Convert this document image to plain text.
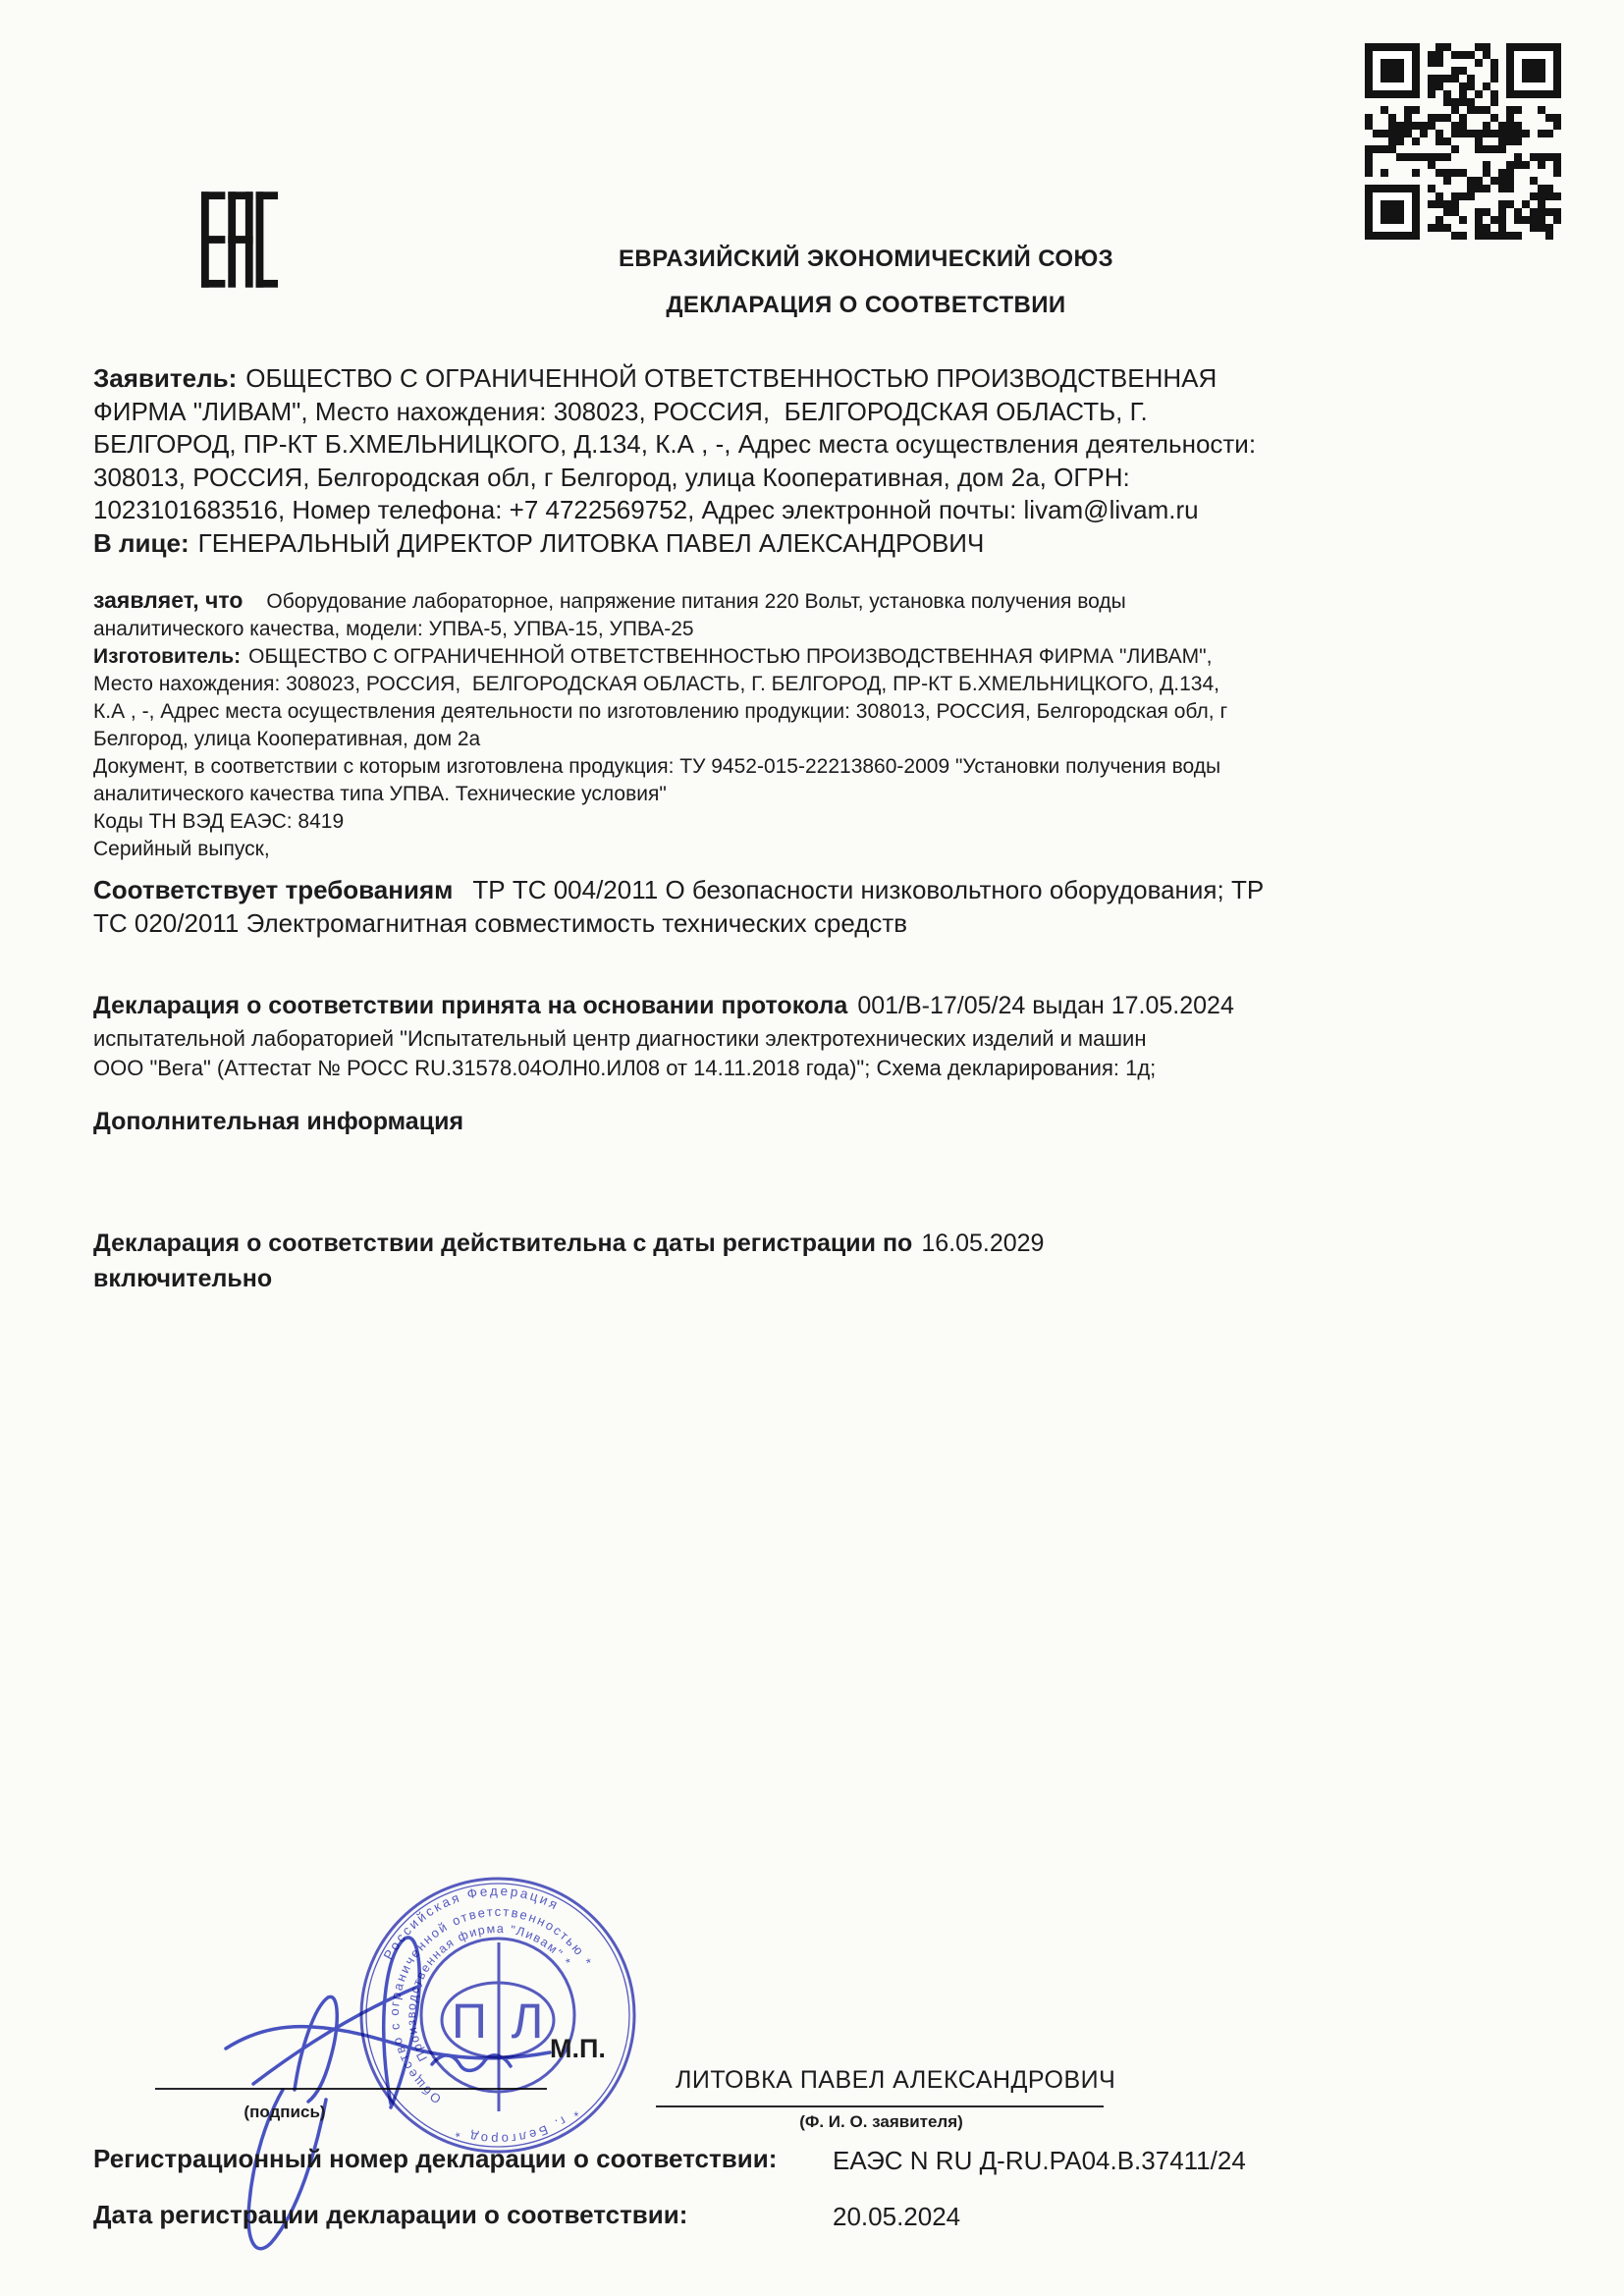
ЕВРАЗИЙСКИЙ ЭКОНОМИЧЕСКИЙ СОЮЗ
ДЕКЛАРАЦИЯ О СООТВЕТСТВИИ
Заявитель: ОБЩЕСТВО С ОГРАНИЧЕННОЙ ОТВЕТСТВЕННОСТЬЮ ПРОИЗВОДСТВЕННАЯ
ФИРМА "ЛИВАМ", Место нахождения: 308023, РОССИЯ,  БЕЛГОРОДСКАЯ ОБЛАСТЬ, Г.
БЕЛГОРОД, ПР-КТ Б.ХМЕЛЬНИЦКОГО, Д.134, К.А , -, Адрес места осуществления деятельности:
308013, РОССИЯ, Белгородская обл, г Белгород, улица Кооперативная, дом 2а, ОГРН:
1023101683516, Номер телефона: +7 4722569752, Адрес электронной почты: livam@livam.ru
В лице: ГЕНЕРАЛЬНЫЙ ДИРЕКТОР ЛИТОВКА ПАВЕЛ АЛЕКСАНДРОВИЧ
заявляет, что Оборудование лабораторное, напряжение питания 220 Вольт, установка получения воды
аналитического качества, модели: УПВА-5, УПВА-15, УПВА-25
Изготовитель: ОБЩЕСТВО С ОГРАНИЧЕННОЙ ОТВЕТСТВЕННОСТЬЮ ПРОИЗВОДСТВЕННАЯ ФИРМА "ЛИВАМ",
Место нахождения: 308023, РОССИЯ,  БЕЛГОРОДСКАЯ ОБЛАСТЬ, Г. БЕЛГОРОД, ПР-КТ Б.ХМЕЛЬНИЦКОГО, Д.134,
К.А , -, Адрес места осуществления деятельности по изготовлению продукции: 308013, РОССИЯ, Белгородская обл, г
Белгород, улица Кооперативная, дом 2а
Документ, в соответствии с которым изготовлена продукция: ТУ 9452-015-22213860-2009 "Установки получения воды
аналитического качества типа УПВА. Технические условия"
Коды ТН ВЭД ЕАЭС: 8419
Серийный выпуск,
Соответствует требованиям ТР ТС 004/2011 О безопасности низковольтного оборудования; ТР
ТС 020/2011 Электромагнитная совместимость технических средств
Декларация о соответствии принята на основании протокола 001/В-17/05/24 выдан 17.05.2024
испытательной лабораторией "Испытательный центр диагностики электротехнических изделий и машин
ООО "Вега" (Аттестат № РОСС RU.31578.04ОЛН0.ИЛ08 от 14.11.2018 года)"; Схема декларирования: 1д;
Дополнительная информация
Декларация о соответствии действительна с даты регистрации по 16.05.2029
включительно
Российская Федерация
* г. Белгород *
Общество с ограниченной ответственностью *
Производственная фирма "Ливам" *
П Л М.П.
(подпись)
ЛИТОВКА ПАВЕЛ АЛЕКСАНДРОВИЧ
(Ф. И. О. заявителя)
Регистрационный номер декларации о соответствии: ЕАЭС N RU Д-RU.РА04.В.37411/24
Дата регистрации декларации о соответствии:	20.05.2024
